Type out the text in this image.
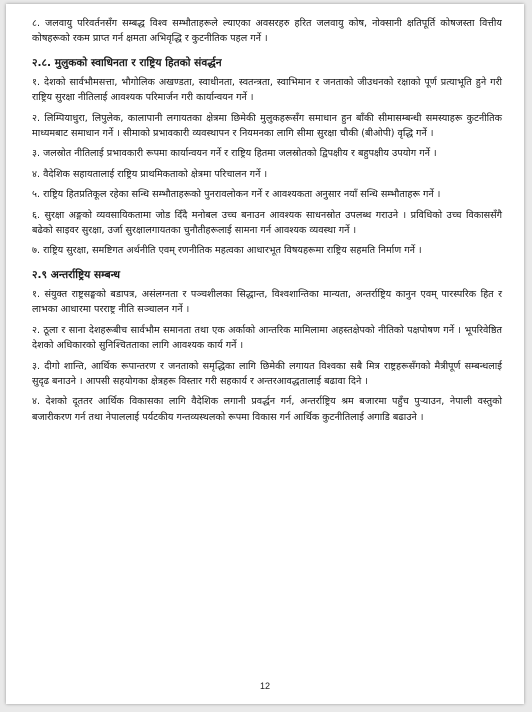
८. जलवायु परिवर्तनसँग सम्बद्ध विश्व सम्भौताहरूले ल्याएका अवसरहरु हरित जलवायु कोष, नोक्सानी क्षतिपूर्ति कोषजस्ता वित्तीय कोषहरूको रकम प्राप्त गर्न क्षमता अभिवृद्धि र कुटनीतिक पहल गर्ने ।

२.८. मुलुकको स्वाधिनता र राष्ट्रिय हितको संवर्द्धन

१. देशको सार्वभौमसत्ता, भौगोलिक अखण्डता, स्वाधीनता, स्वतन्त्रता, स्वाभिमान र जनताको जीउधनको रक्षाको पूर्ण प्रत्याभूति हुने गरी राष्ट्रिय सुरक्षा नीतिलाई आवश्यक परिमार्जन गरी कार्यान्वयन गर्ने ।

२. लिम्पियाधुरा, लिपुलेक, कालापानी लगायतका क्षेत्रमा छिमेकी मुलुकहरूसँग समाधान हुन बाँकी सीमासम्बन्धी समस्याहरू कुटनीतिक माध्यमबाट समाधान गर्ने । सीमाको प्रभावकारी व्यवस्थापन र नियमनका लागि सीमा सुरक्षा चौकी (बीओपी) वृद्धि गर्ने ।

३. जलस्रोत नीतिलाई प्रभावकारी रूपमा कार्यान्वयन गर्ने र राष्ट्रिय हितमा जलस्रोतको द्विपक्षीय र बहुपक्षीय उपयोग गर्ने ।

४. वैदेशिक सहायतालाई राष्ट्रिय प्राथमिकताको क्षेत्रमा परिचालन गर्ने ।

५. राष्ट्रिय हितप्रतिकूल रहेका सन्धि सम्भौताहरूको पुनरावलोकन गर्ने र आवश्यकता अनुसार नयाँ सन्धि सम्भौताहरू गर्ने ।

६. सुरक्षा अङ्गको व्यवसायिकतामा जोड दिँदै मनोबल उच्च बनाउन आवश्यक साधनस्रोत उपलब्ध गराउने । प्रविधिको उच्च विकाससँगै बढेको साइवर सुरक्षा, उर्जा सुरक्षालगायतका चुनौतीहरूलाई सामना गर्न आवश्यक व्यवस्था गर्ने ।

७. राष्ट्रिय सुरक्षा, समष्टिगत अर्थनीति एवम् रणनीतिक महत्वका आधारभूत विषयहरूमा राष्ट्रिय सहमति निर्माण गर्ने ।

२.९ अन्तर्राष्ट्रिय सम्बन्ध

१. संयुक्त राष्ट्रसङ्घको बडापत्र, असंलग्नता र पञ्चशीलका सिद्धान्त, विश्वशान्तिका मान्यता, अन्तर्राष्ट्रिय कानुन एवम् पारस्परिक हित र लाभका आधारमा परराष्ट्र नीति सञ्चालन गर्ने ।

२. ठूला र साना देशहरूबीच सार्वभौम समानता तथा एक अर्काको आन्तरिक मामिलामा अहस्तक्षेपको नीतिको पक्षपोषण गर्ने । भूपरिवेष्ठित देशको अधिकारको सुनिश्चितताका लागि आवश्यक कार्य गर्ने ।

३. दीगो शान्ति, आर्थिक रूपान्तरण र जनताको समृद्धिका लागि छिमेकी लगायत विश्वका सबै मित्र राष्ट्रहरूसँगको मैत्रीपूर्ण सम्बन्धलाई सुदृढ बनाउने । आपसी सहयोगका क्षेत्रहरू विस्तार गरी सहकार्य र अन्तरआवद्धतालाई बढावा दिने ।

४. देशको दूततर आर्थिक विकासका लागि वैदेशिक लगानी प्रवर्द्धन गर्न, अन्तर्राष्ट्रिय श्रम बजारमा पहुँच पुऱ्याउन, नेपाली वस्तुको बजारीकरण गर्न तथा नेपाललाई पर्यटकीय गन्तव्यस्थलको रूपमा विकास गर्न आर्थिक कुटनीतिलाई अगाडि बढाउने ।

12
